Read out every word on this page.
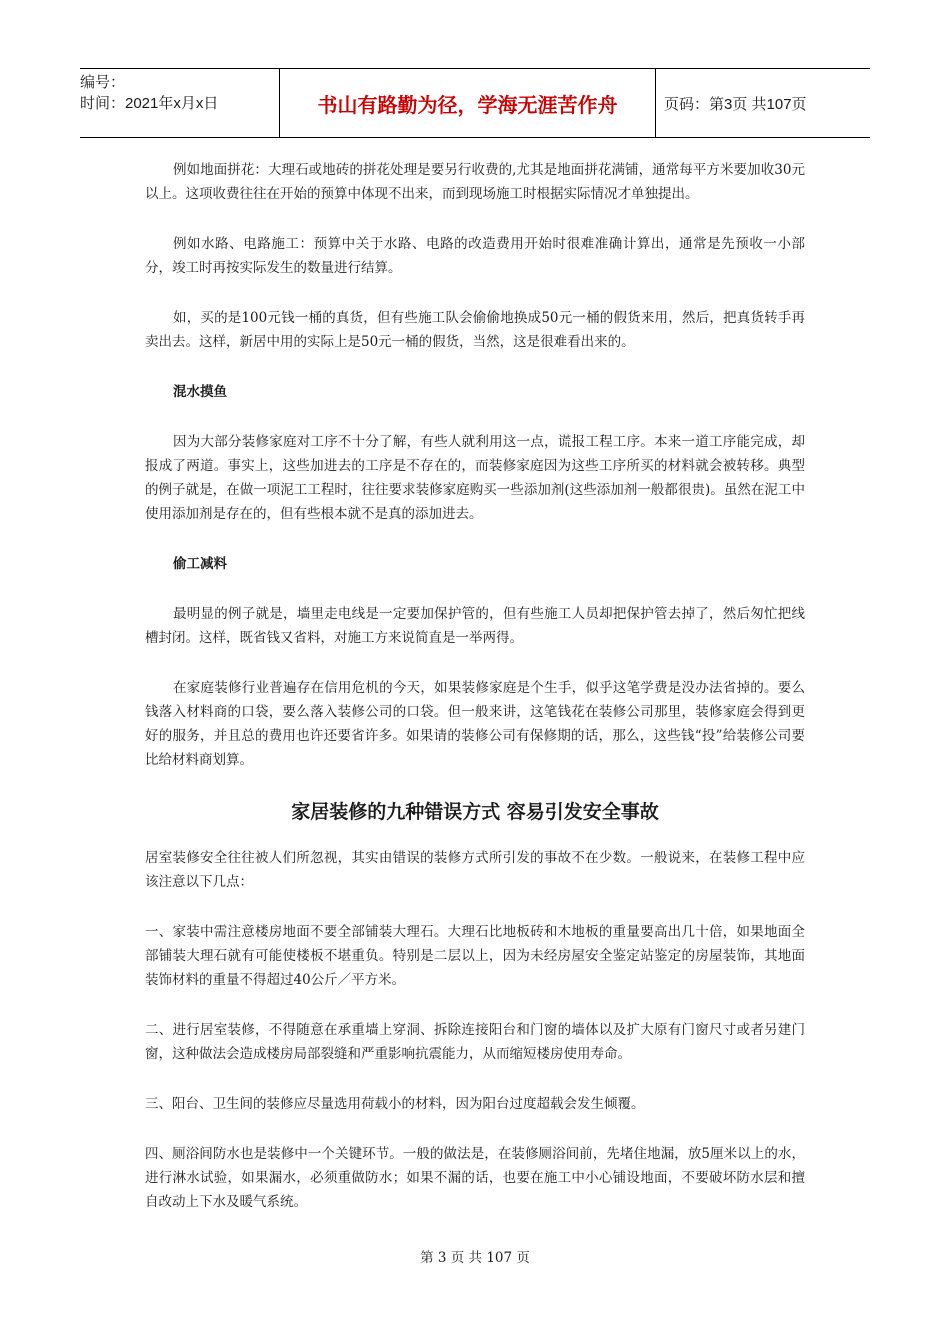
编号：
时间：2021年x月x日	书山有路勤为径，学海无涯苦作舟	页码：第3页 共107页

例如地面拼花：大理石或地砖的拼花处理是要另行收费的,尤其是地面拼花满铺，通常每平方米要加收30元以上。这项收费往往在开始的预算中体现不出来，而到现场施工时根据实际情况才单独提出。

例如水路、电路施工：预算中关于水路、电路的改造费用开始时很难准确计算出，通常是先预收一小部分，竣工时再按实际发生的数量进行结算。

如，买的是100元钱一桶的真货，但有些施工队会偷偷地换成50元一桶的假货来用，然后，把真货转手再卖出去。这样，新居中用的实际上是50元一桶的假货，当然，这是很难看出来的。

混水摸鱼

因为大部分装修家庭对工序不十分了解，有些人就利用这一点，谎报工程工序。本来一道工序能完成，却报成了两道。事实上，这些加进去的工序是不存在的，而装修家庭因为这些工序所买的材料就会被转移。典型的例子就是，在做一项泥工工程时，往往要求装修家庭购买一些添加剂(这些添加剂一般都很贵)。虽然在泥工中使用添加剂是存在的，但有些根本就不是真的添加进去。

偷工减料

最明显的例子就是，墙里走电线是一定要加保护管的，但有些施工人员却把保护管去掉了，然后匆忙把线槽封闭。这样，既省钱又省料，对施工方来说简直是一举两得。

在家庭装修行业普遍存在信用危机的今天，如果装修家庭是个生手，似乎这笔学费是没办法省掉的。要么钱落入材料商的口袋，要么落入装修公司的口袋。但一般来讲，这笔钱花在装修公司那里，装修家庭会得到更好的服务，并且总的费用也许还要省许多。如果请的装修公司有保修期的话，那么，这些钱“投”给装修公司要比给材料商划算。

家居装修的九种错误方式 容易引发安全事故

居室装修安全往往被人们所忽视，其实由错误的装修方式所引发的事故不在少数。一般说来，在装修工程中应该注意以下几点：

一、家装中需注意楼房地面不要全部铺装大理石。大理石比地板砖和木地板的重量要高出几十倍，如果地面全部铺装大理石就有可能使楼板不堪重负。特别是二层以上，因为未经房屋安全鉴定站鉴定的房屋装饰，其地面装饰材料的重量不得超过40公斤／平方米。

二、进行居室装修，不得随意在承重墙上穿洞、拆除连接阳台和门窗的墙体以及扩大原有门窗尺寸或者另建门窗，这种做法会造成楼房局部裂缝和严重影响抗震能力，从而缩短楼房使用寿命。

三、阳台、卫生间的装修应尽量选用荷载小的材料，因为阳台过度超载会发生倾覆。

四、厕浴间防水也是装修中一个关键环节。一般的做法是，在装修厕浴间前，先堵住地漏，放5厘米以上的水，进行淋水试验，如果漏水，必须重做防水；如果不漏的话，也要在施工中小心铺设地面，不要破坏防水层和擅自改动上下水及暖气系统。

第 3 页 共 107 页
